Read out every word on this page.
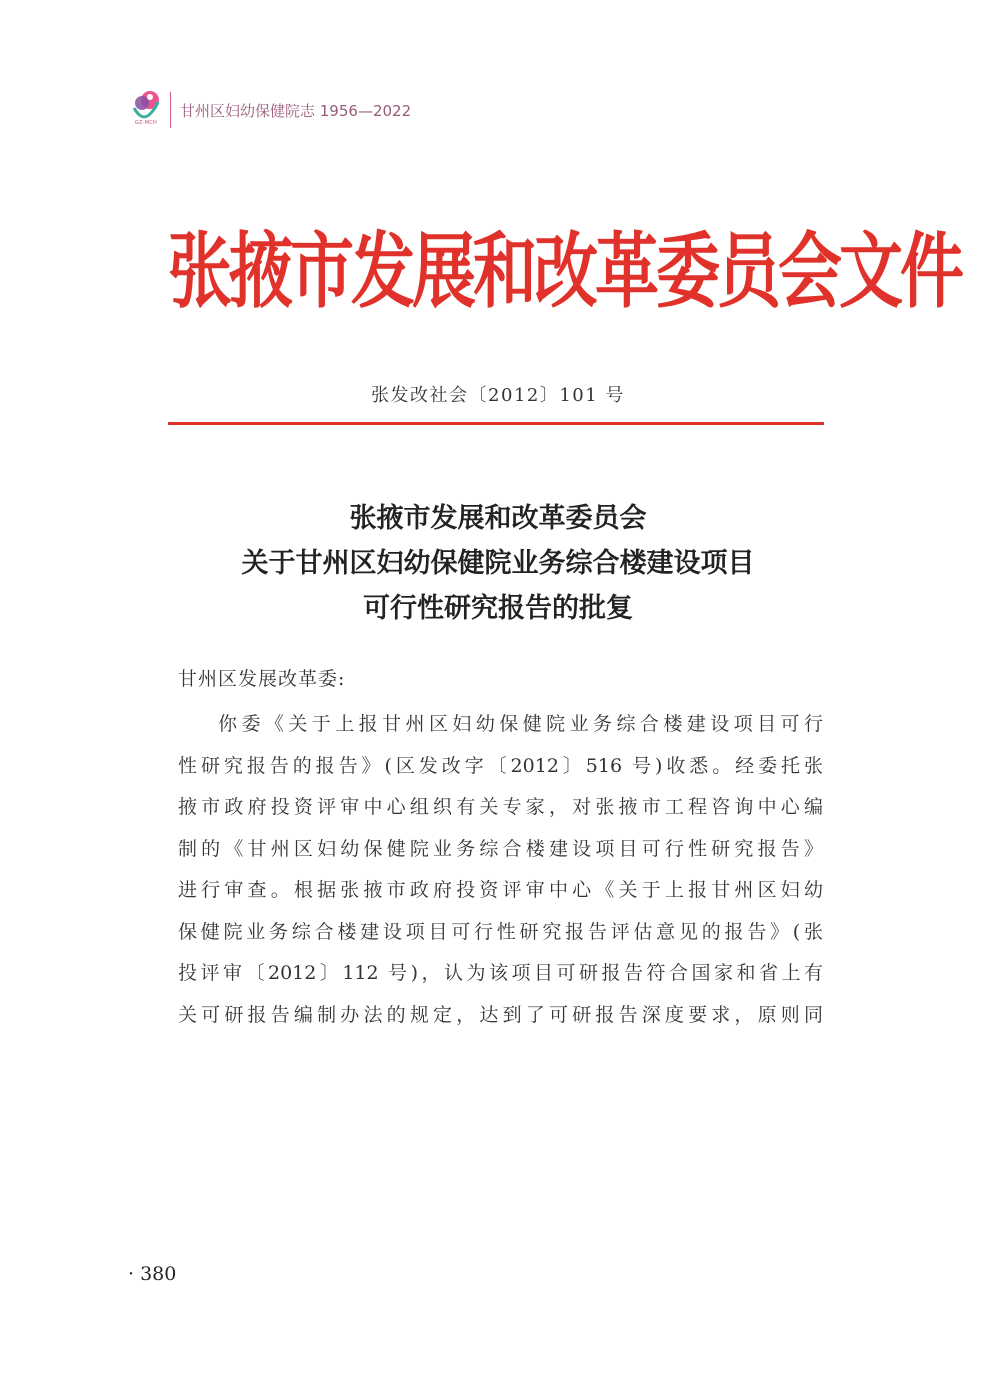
GZ·MCH
甘州区妇幼保健院志 1956—2022
张掖市发展和改革委员会文件
张发改社会〔2012〕101 号
张掖市发展和改革委员会
关于甘州区妇幼保健院业务综合楼建设项目
可行性研究报告的批复
甘州区发展改革委:
你委《关于上报甘州区妇幼保健院业务综合楼建设项目可行
性研究报告的报告》(区发改字〔2012〕516 号)收悉。经委托张
掖市政府投资评审中心组织有关专家，对张掖市工程咨询中心编
制的《甘州区妇幼保健院业务综合楼建设项目可行性研究报告》
进行审查。根据张掖市政府投资评审中心《关于上报甘州区妇幼
保健院业务综合楼建设项目可行性研究报告评估意见的报告》(张
投评审〔2012〕112 号)，认为该项目可研报告符合国家和省上有
关可研报告编制办法的规定，达到了可研报告深度要求，原则同
· 380
